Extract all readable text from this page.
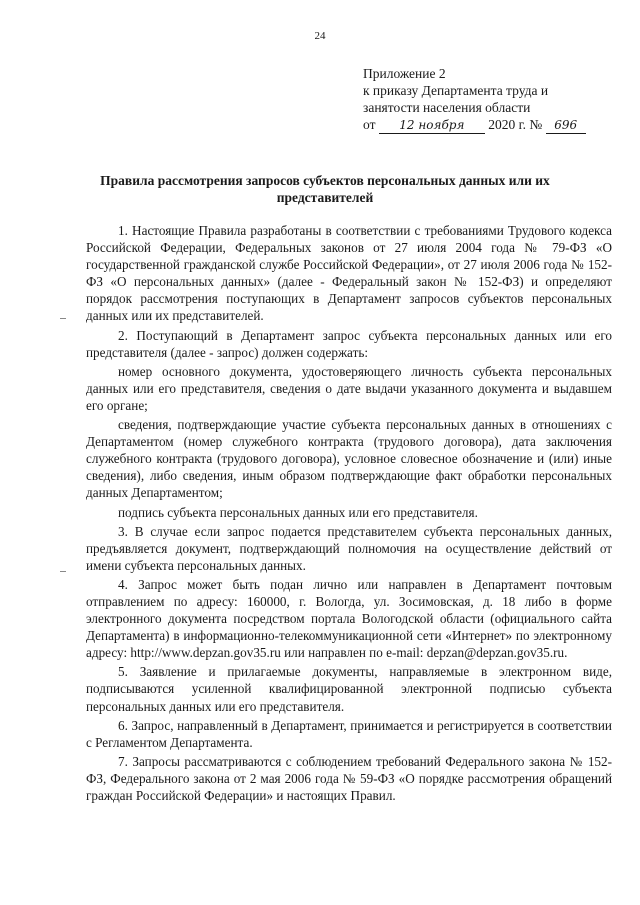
24
Приложение 2
к приказу Департамента труда и
занятости населения области
от 12 ноября 2020 г. № 696
Правила рассмотрения запросов субъектов персональных данных или их представителей

1. Настоящие Правила разработаны в соответствии с требованиями Трудового кодекса Российской Федерации, Федеральных законов от 27 июля 2004 года № 79-ФЗ «О государственной гражданской службе Российской Федерации», от 27 июля 2006 года № 152-ФЗ «О персональных данных» (далее - Федеральный закон № 152-ФЗ) и определяют порядок рассмотрения поступающих в Департамент запросов субъектов персональных данных или их представителей.

2. Поступающий в Департамент запрос субъекта персональных данных или его представителя (далее - запрос) должен содержать:

номер основного документа, удостоверяющего личность субъекта персональных данных или его представителя, сведения о дате выдачи указанного документа и выдавшем его органе;

сведения, подтверждающие участие субъекта персональных данных в отношениях с Департаментом (номер служебного контракта (трудового договора), дата заключения служебного контракта (трудового договора), условное словесное обозначение и (или) иные сведения), либо сведения, иным образом подтверждающие факт обработки персональных данных Департаментом;

подпись субъекта персональных данных или его представителя.

3. В случае если запрос подается представителем субъекта персональных данных, предъявляется документ, подтверждающий полномочия на осуществление действий от имени субъекта персональных данных.

4. Запрос может быть подан лично или направлен в Департамент почтовым отправлением по адресу: 160000, г. Вологда, ул. Зосимовская, д. 18 либо в форме электронного документа посредством портала Вологодской области (официального сайта Департамента) в информационно-телекоммуникационной сети «Интернет» по электронному адресу: http://www.depzan.gov35.ru или направлен по e-mail: depzan@depzan.gov35.ru.

5. Заявление и прилагаемые документы, направляемые в электронном виде, подписываются усиленной квалифицированной электронной подписью субъекта персональных данных или его представителя.

6. Запрос, направленный в Департамент, принимается и регистрируется в соответствии с Регламентом Департамента.

7. Запросы рассматриваются с соблюдением требований Федерального закона № 152-ФЗ, Федерального закона от 2 мая 2006 года № 59-ФЗ «О порядке рассмотрения обращений граждан Российской Федерации» и настоящих Правил.
